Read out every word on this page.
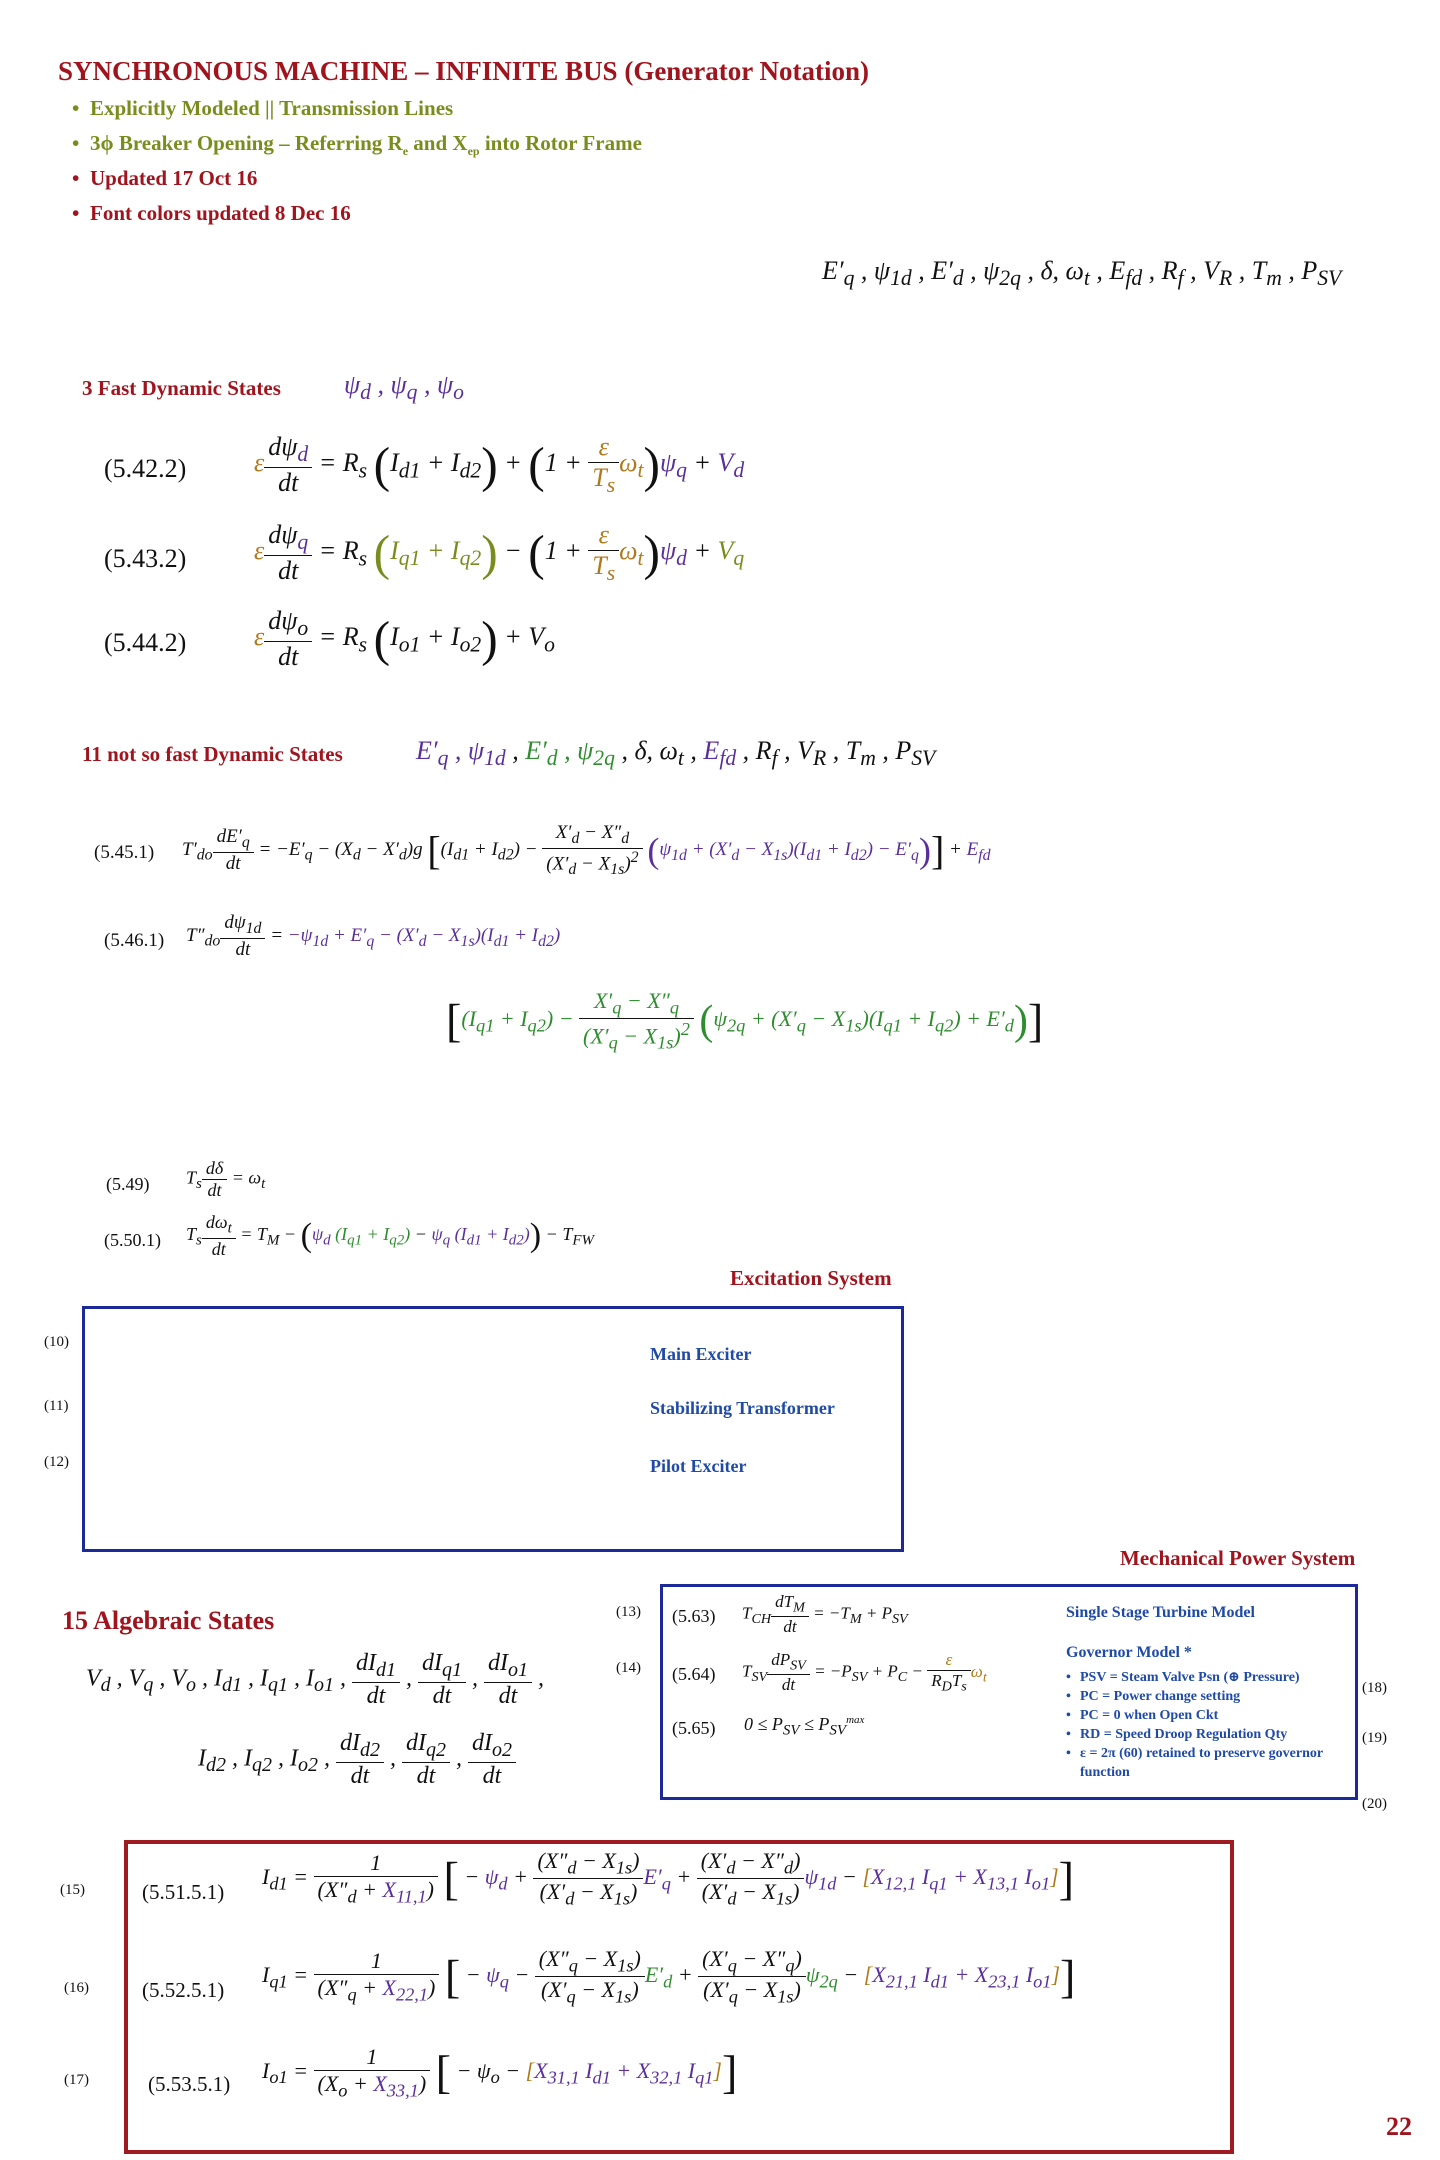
SYNCHRONOUS MACHINE – INFINITE BUS (Generator Notation)
• Explicitly Modeled || Transmission Lines
• 3ϕ Breaker Opening – Referring $R_e$ and $X_{ep}$ into Rotor Frame
• Updated 17 Oct 16
• Font colors updated 8 Dec 16
$E'_q$ , $\psi_{1d}$ , $E'_d$ , $\psi_{2q}$ , δ, $\omega_t$ , $E_{fd}$ , $R_f$ , $V_R$ , $T_m$ , $P_{SV}$
3 Fast Dynamic States $\psi_d$ , $\psi_q$ , $\psi_o$
(5.42.2)	ε $\frac{d\psi_d}{dt} = R_s$ $(I_{d1} + I_{d2}) + (1 + \frac{\varepsilon}{T_s} \omega_t)\psi_q + V_d$
(5.43.2)	ε $\frac{d\psi_q}{dt} = R_s$ $(I_{q1} + I_{q2}) - (1 + \frac{\varepsilon}{T_s} \omega_t)\psi_d + V_q$
(5.44.2)	ε $\frac{d\psi_o}{dt} = R_s$ $(I_{o1} + I_{o2}) + V_o$
11 not so fast Dynamic States	$E'_q$ , $\psi_{1d}$ , $E'_d$ , $\psi_{2q}$ , δ, $\omega_t$ , $E_{fd}$ , $R_f$ , $V_R$ , $T_m$ , $P_{SV}$
(5.45.1) $T'_{do} \frac{dE'_q}{dt} = -E'_q - (X_d - X'_d)g$ $[(I_{d1} + I_{d2}) - \frac{X'_d - X''_d}{(X'_d - X_{1s})^2} (\psi_{1d} + (X'_d - X_{1s})(I_{d1} + I_{d2}) - E'_q)] + E_{fd}$
(5.46.1) $T''_{do} \frac{d\psi_{1d}}{dt} = -\psi_{1d} + E'_q - (X'_d - X_{1s})(I_{d1} + I_{d2})$
$[(I_{q1} + I_{q2}) - \frac{X'_q - X''_q}{(X'_q - X_{1s})^2} (\psi_{2q} + (X'_q - X_{1s})(I_{q1} + I_{q2}) + E'_d)]$
(5.49) $T_s \frac{d\delta}{dt} = \omega_t$
(5.50.1) $T_s \frac{d\omega_t}{dt} = T_M - (\psi_d$ $(I_{q1} + I_{q2}) - \psi_q$ $(I_{d1} + I_{d2})) - T_{FW}$
Excitation System
(10)
(11)
(12)
Main Exciter
Stabilizing Transformer
Pilot Exciter
Mechanical Power System
(13)
(14)
(5.63) $T_{CH} \frac{dT_M}{dt} = -T_M + P_{SV}$
(5.64) $T_{SV} \frac{dP_{SV}}{dt} = -P_{SV} + P_C - \frac{\varepsilon}{R_DT_s} \omega_t$
(5.65) $0 \le P_{SV} \le P_{SV}^{max}$
Single Stage Turbine Model
Governor Model *
• PSV = Steam Valve Psn (⊕ Pressure)
• PC = Power change setting
• PC = 0 when Open Ckt
• RD = Speed Droop Regulation Qty
• ε = 2π (60) retained to preserve governor function
(18)
(19)
(20)
15 Algebraic States
$V_d$ , $V_q$ , $V_o$ , $I_{d1}$ , $I_{q1}$ , $I_{o1}$ , $\frac{dI_{d1}}{dt}$ , $\frac{dI_{q1}}{dt}$ , $\frac{dI_{o1}}{dt}$ ,
$I_{d2}$ , $I_{q2}$ , $I_{o2}$ , $\frac{dI_{d2}}{dt}$ , $\frac{dI_{q2}}{dt}$ , $\frac{dI_{o2}}{dt}$
(15)
(16)
(17)
(5.51.5.1)
$I_{d1} = \frac{1}{(X''_d + X_{11,1})}$ [ − $\psi_d + \frac{(X''_d - X_{1s})}{(X'_d - X_{1s})} E'_q + \frac{(X'_d - X''_d)}{(X'_d - X_{1s})} \psi_{1d} - [X_{12,1}$ $I_{q1} + X_{13,1}$ $I_{o1}$]]
(5.52.5.1)
$I_{q1} = \frac{1}{(X''_q + X_{22,1})}$ [ − $\psi_q - \frac{(X''_q - X_{1s})}{(X'_q - X_{1s})} E'_d + \frac{(X'_q - X''_q)}{(X'_q - X_{1s})} \psi_{2q} - [X_{21,1}$ $I_{d1} + X_{23,1}$ $I_{o1}$]]
(5.53.5.1)
$I_{o1} = \frac{1}{(X_o + X_{33,1})}$ [ − $\psi_o - [X_{31,1}$ $I_{d1} + X_{32,1}$ $I_{q1}$]]
22
